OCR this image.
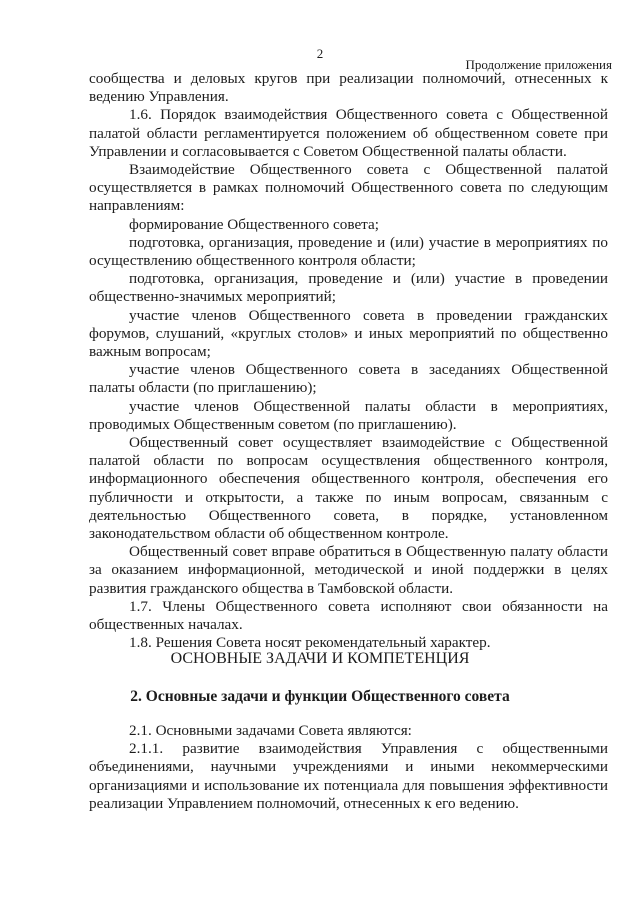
2
Продолжение приложения

сообщества и деловых кругов при реализации полномочий, отнесенных к ведению Управления.

1.6. Порядок взаимодействия Общественного совета с Общественной палатой области регламентируется положением об общественном совете при Управлении и согласовывается с Советом Общественной палаты области.

Взаимодействие Общественного совета с Общественной палатой осуществляется в рамках полномочий Общественного совета по следующим направлениям:

формирование Общественного совета;

подготовка, организация, проведение и (или) участие в мероприятиях по осуществлению общественного контроля области;

подготовка, организация, проведение и (или) участие в проведении общественно-значимых мероприятий;

участие членов Общественного совета в проведении гражданских форумов, слушаний, «круглых столов» и иных мероприятий по общественно важным вопросам;

участие членов Общественного совета в заседаниях Общественной палаты области (по приглашению);

участие членов Общественной палаты области в мероприятиях, проводимых Общественным советом (по приглашению).

Общественный совет осуществляет взаимодействие с Общественной палатой области по вопросам осуществления общественного контроля, информационного обеспечения общественного контроля, обеспечения его публичности и открытости, а также по иным вопросам, связанным с деятельностью Общественного совета, в порядке, установленном законодательством области об общественном контроле.

Общественный совет вправе обратиться в Общественную палату области за оказанием информационной, методической и иной поддержки в целях развития гражданского общества в Тамбовской области.

1.7. Члены Общественного совета исполняют свои обязанности на общественных началах.

1.8. Решения Совета носят рекомендательный характер.

ОСНОВНЫЕ ЗАДАЧИ И КОМПЕТЕНЦИЯ
2. Основные задачи и функции Общественного совета

2.1. Основными задачами Совета являются:

2.1.1. развитие взаимодействия Управления с общественными объединениями, научными учреждениями и иными некоммерческими организациями и использование их потенциала для повышения эффективности реализации Управлением полномочий, отнесенных к его ведению.
